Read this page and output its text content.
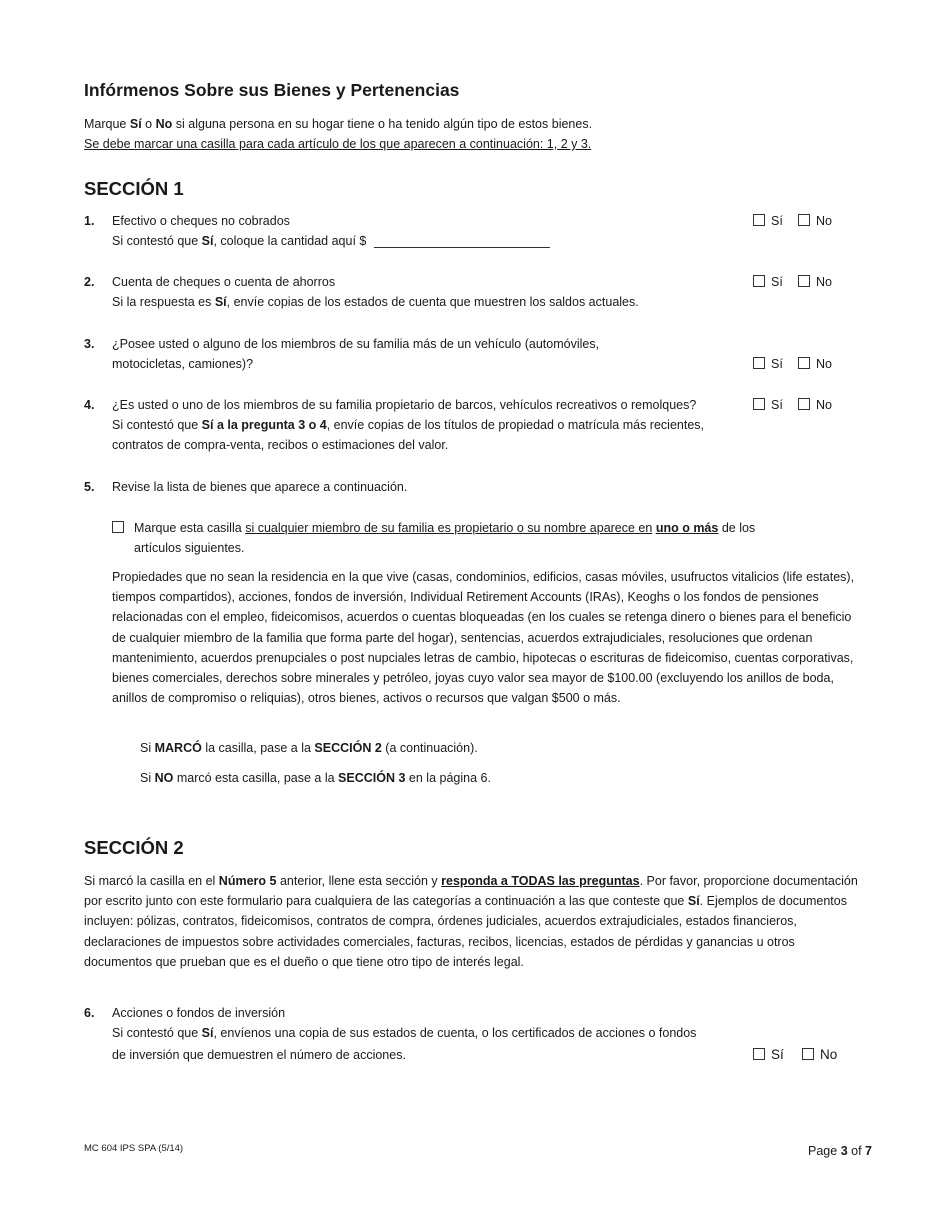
Infórmenos Sobre sus Bienes y Pertenencias
Marque Sí o No si alguna persona en su hogar tiene o ha tenido algún tipo de estos bienes.
Se debe marcar una casilla para cada artículo de los que aparecen a continuación: 1, 2 y 3.
SECCIÓN 1
1. Efectivo o cheques no cobrados
Si contestó que Sí, coloque la cantidad aquí $
Sí	No
2. Cuenta de cheques o cuenta de ahorros
Si la respuesta es Sí, envíe copias de los estados de cuenta que muestren los saldos actuales.
Sí	No
3. ¿Posee usted o alguno de los miembros de su familia más de un vehículo (automóviles,
motocicletas, camiones)?	Sí	No
4. ¿Es usted o uno de los miembros de su familia propietario de barcos, vehículos recreativos o remolques?
Si contestó que Sí a la pregunta 3 o 4, envíe copias de los títulos de propiedad o matrícula más recientes,
contratos de compra-venta, recibos o estimaciones del valor.
Sí	No
5. Revise la lista de bienes que aparece a continuación.
Marque esta casilla si cualquier miembro de su familia es propietario o su nombre aparece en uno o más de los
artículos siguientes.
Propiedades que no sean la residencia en la que vive (casas, condominios, edificios, casas móviles, usufructos vitalicios (life estates), tiempos compartidos), acciones, fondos de inversión, Individual Retirement Accounts (IRAs), Keoghs o los fondos de pensiones relacionadas con el empleo, fideicomisos, acuerdos o cuentas bloqueadas (en los cuales se retenga dinero o bienes para el beneficio de cualquier miembro de la familia que forma parte del hogar), sentencias, acuerdos extrajudiciales, resoluciones que ordenan mantenimiento, acuerdos prenupciales o post nupciales letras de cambio, hipotecas o escrituras de fideicomiso, cuentas corporativas, bienes comerciales, derechos sobre minerales y petróleo, joyas cuyo valor sea mayor de $100.00 (excluyendo los anillos de boda, anillos de compromiso o reliquias), otros bienes, activos o recursos que valgan $500 o más.
Si MARCÓ la casilla, pase a la SECCIÓN 2 (a continuación).
Si NO marcó esta casilla, pase a la SECCIÓN 3 en la página 6.
SECCIÓN 2
Si marcó la casilla en el Número 5 anterior, llene esta sección y responda a TODAS las preguntas. Por favor, proporcione documentación por escrito junto con este formulario para cualquiera de las categorías a continuación a las que conteste que Sí. Ejemplos de documentos incluyen: pólizas, contratos, fideicomisos, contratos de compra, órdenes judiciales, acuerdos extrajudiciales, estados financieros, declaraciones de impuestos sobre actividades comerciales, facturas, recibos, licencias, estados de pérdidas y ganancias u otros documentos que prueban que es el dueño o que tiene otro tipo de interés legal.
6. Acciones o fondos de inversión
Si contestó que Sí, envíenos una copia de sus estados de cuenta, o los certificados de acciones o fondos
de inversión que demuestren el número de acciones.	Sí	No
MC 604 IPS SPA (5/14)	Page 3 of 7
